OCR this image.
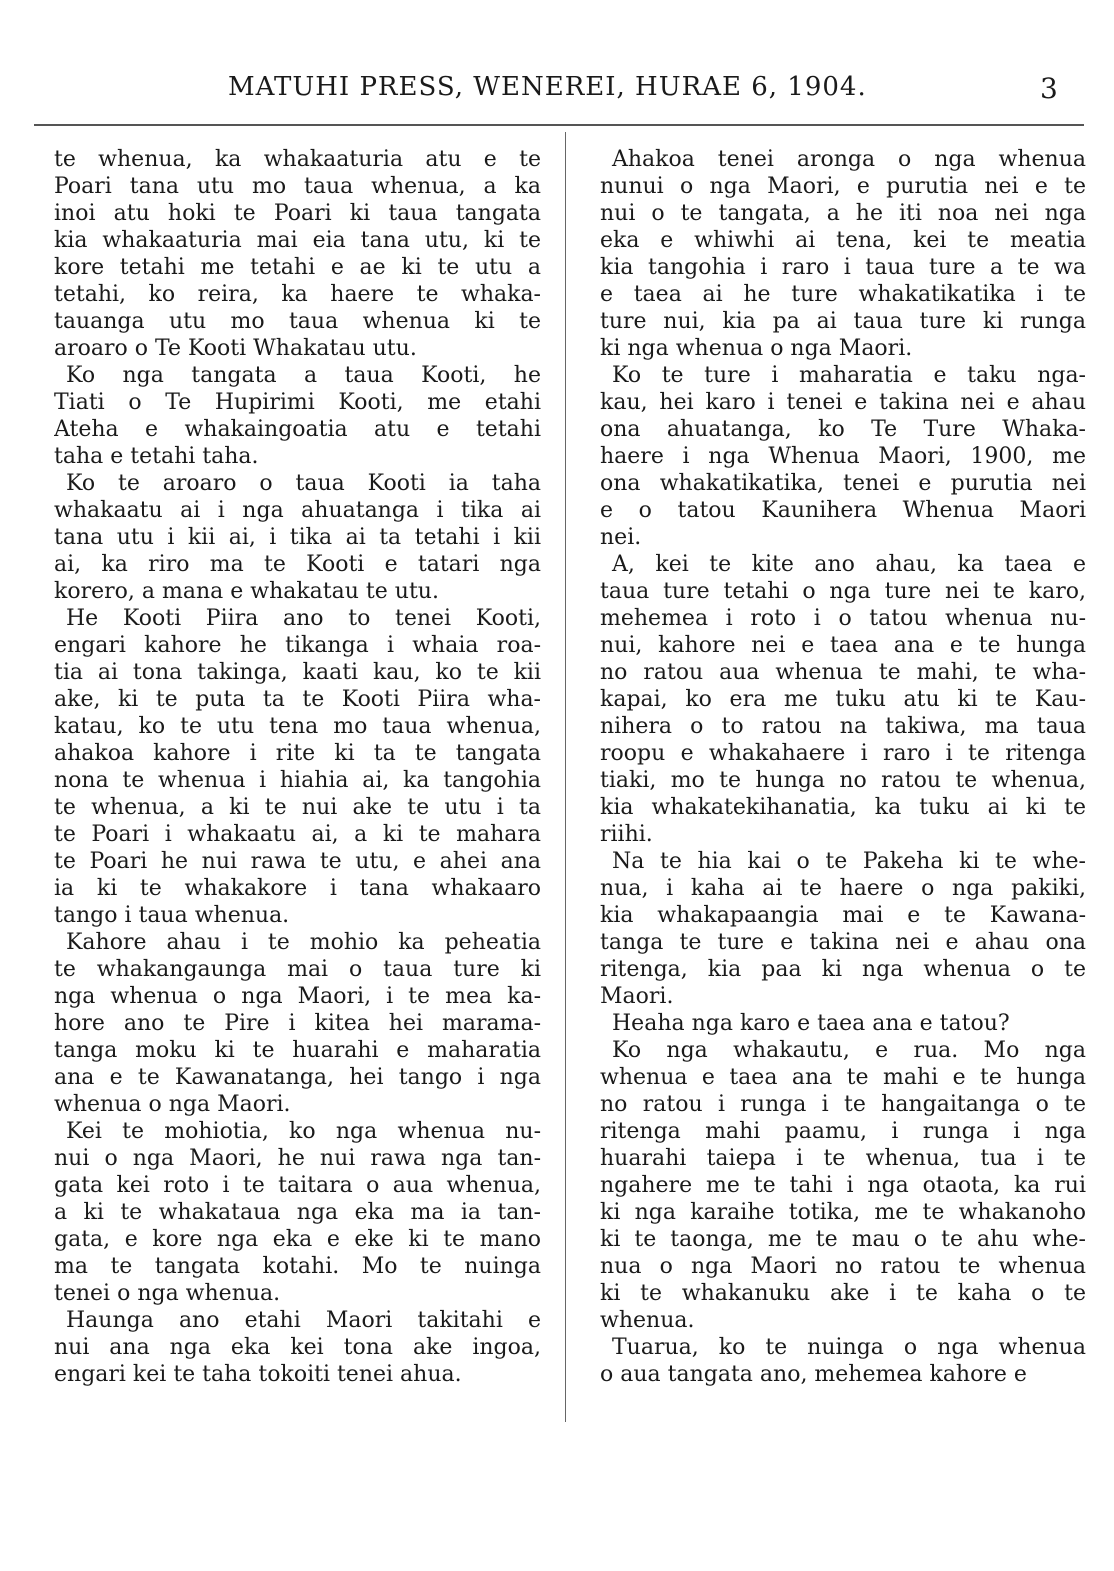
MATUHI PRESS, WENEREI, HURAE 6, 1904.	3

te whenua, ka whakaaturia atu e te
Poari tana utu mo taua whenua, a ka
inoi atu hoki te Poari ki taua tangata
kia whakaaturia mai eia tana utu, ki te
kore tetahi me tetahi e ae ki te utu a
tetahi, ko reira, ka haere te whaka-
tauanga utu mo taua whenua ki te
aroaro o Te Kooti Whakatau utu.

Ko nga tangata a taua Kooti, he
Tiati o Te Hupirimi Kooti, me etahi
Ateha e whakaingoatia atu e tetahi
taha e tetahi taha.

Ko te aroaro o taua Kooti ia taha
whakaatu ai i nga ahuatanga i tika ai
tana utu i kii ai, i tika ai ta tetahi i kii
ai, ka riro ma te Kooti e tatari nga
korero, a mana e whakatau te utu.

He Kooti Piira ano to tenei Kooti,
engari kahore he tikanga i whaia roa-
tia ai tona takinga, kaati kau, ko te kii
ake, ki te puta ta te Kooti Piira wha-
katau, ko te utu tena mo taua whenua,
ahakoa kahore i rite ki ta te tangata
nona te whenua i hiahia ai, ka tangohia
te whenua, a ki te nui ake te utu i ta
te Poari i whakaatu ai, a ki te mahara
te Poari he nui rawa te utu, e ahei ana
ia ki te whakakore i tana whakaaro
tango i taua whenua.

Kahore ahau i te mohio ka peheatia
te whakangaunga mai o taua ture ki
nga whenua o nga Maori, i te mea ka-
hore ano te Pire i kitea hei marama-
tanga moku ki te huarahi e maharatia
ana e te Kawanatanga, hei tango i nga
whenua o nga Maori.

Kei te mohiotia, ko nga whenua nu-
nui o nga Maori, he nui rawa nga tan-
gata kei roto i te taitara o aua whenua,
a ki te whakataua nga eka ma ia tan-
gata, e kore nga eka e eke ki te mano
ma te tangata kotahi. Mo te nuinga
tenei o nga whenua.

Haunga ano etahi Maori takitahi e
nui ana nga eka kei tona ake ingoa,
engari kei te taha tokoiti tenei ahua.

Ahakoa tenei aronga o nga whenua
nunui o nga Maori, e purutia nei e te
nui o te tangata, a he iti noa nei nga
eka e whiwhi ai tena, kei te meatia
kia tangohia i raro i taua ture a te wa
e taea ai he ture whakatikatika i te
ture nui, kia pa ai taua ture ki runga
ki nga whenua o nga Maori.

Ko te ture i maharatia e taku nga-
kau, hei karo i tenei e takina nei e ahau
ona ahuatanga, ko Te Ture Whaka-
haere i nga Whenua Maori, 1900, me
ona whakatikatika, tenei e purutia nei
e o tatou Kaunihera Whenua Maori
nei.

A, kei te kite ano ahau, ka taea e
taua ture tetahi o nga ture nei te karo,
mehemea i roto i o tatou whenua nu-
nui, kahore nei e taea ana e te hunga
no ratou aua whenua te mahi, te wha-
kapai, ko era me tuku atu ki te Kau-
nihera o to ratou na takiwa, ma taua
roopu e whakahaere i raro i te ritenga
tiaki, mo te hunga no ratou te whenua,
kia whakatekihanatia, ka tuku ai ki te
riihi.

Na te hia kai o te Pakeha ki te whe-
nua, i kaha ai te haere o nga pakiki,
kia whakapaangia mai e te Kawana-
tanga te ture e takina nei e ahau ona
ritenga, kia paa ki nga whenua o te
Maori.

Heaha nga karo e taea ana e tatou?

Ko nga whakautu, e rua. Mo nga
whenua e taea ana te mahi e te hunga
no ratou i runga i te hangaitanga o te
ritenga mahi paamu, i runga i nga
huarahi taiepa i te whenua, tua i te
ngahere me te tahi i nga otaota, ka rui
ki nga karaihe totika, me te whakanoho
ki te taonga, me te mau o te ahu whe-
nua o nga Maori no ratou te whenua
ki te whakanuku ake i te kaha o te
whenua.

Tuarua, ko te nuinga o nga whenua
o aua tangata ano, mehemea kahore e
